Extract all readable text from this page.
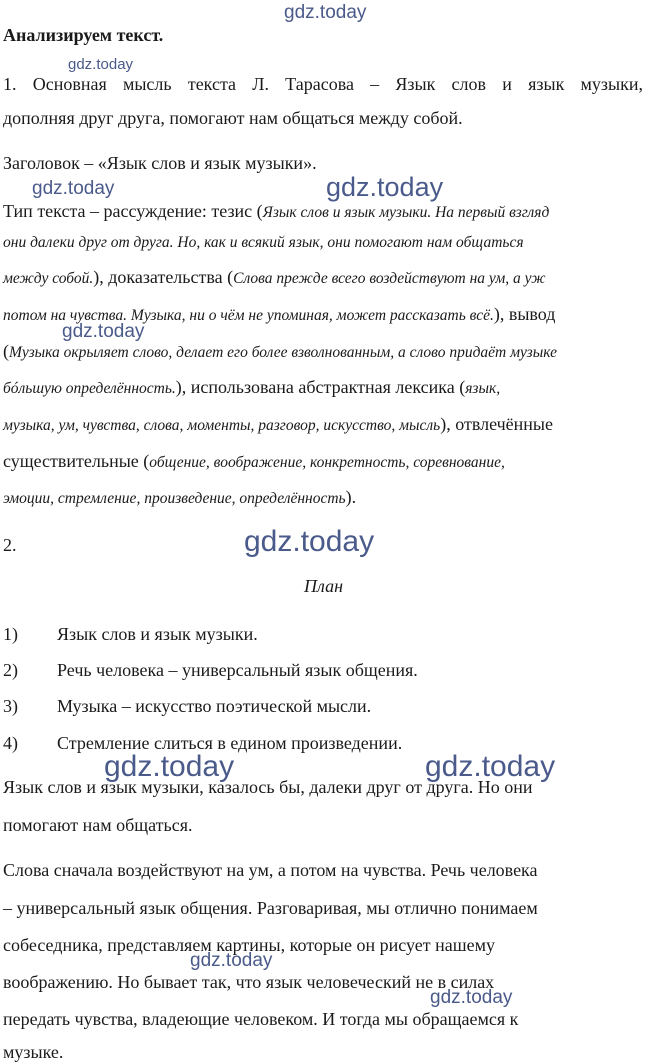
gdz.today
gdz.today
gdz.today	gdz.today
gdz.today
gdz.today
gdz.today	gdz.today
gdz.today
gdz.today
Анализируем текст.
1. Основная мысль текста Л. Тарасова – Язык слов и язык музыки,
дополняя друг друга, помогают нам общаться между собой.
Заголовок – «Язык слов и язык музыки».
Тип текста – рассуждение: тезис (Язык слов и язык музыки. На первый взгляд
они далеки друг от друга. Но, как и всякий язык, они помогают нам общаться
между собой.), доказательства (Слова прежде всего воздействуют на ум, а уж
потом на чувства. Музыка, ни о чём не упоминая, может рассказать всё.), вывод
(Музыка окрыляет слово, делает его более взволнованным, а слово придаёт музыке
бóльшую определённость.), использована абстрактная лексика (язык,
музыка, ум, чувства, слова, моменты, разговор, искусство, мысль), отвлечённые
существительные (общение, воображение, конкретность, соревнование,
эмоции, стремление, произведение, определённость).
2.
План
1) Язык слов и язык музыки.
2) Речь человека – универсальный язык общения.
3) Музыка – искусство поэтической мысли.
4) Стремление слиться в едином произведении.
Язык слов и язык музыки, казалось бы, далеки друг от друга. Но они
помогают нам общаться.
Слова сначала воздействуют на ум, а потом на чувства. Речь человека
– универсальный язык общения. Разговаривая, мы отлично понимаем
собеседника, представляем картины, которые он рисует нашему
воображению. Но бывает так, что язык человеческий не в силах
передать чувства, владеющие человеком. И тогда мы обращаемся к
музыке.
